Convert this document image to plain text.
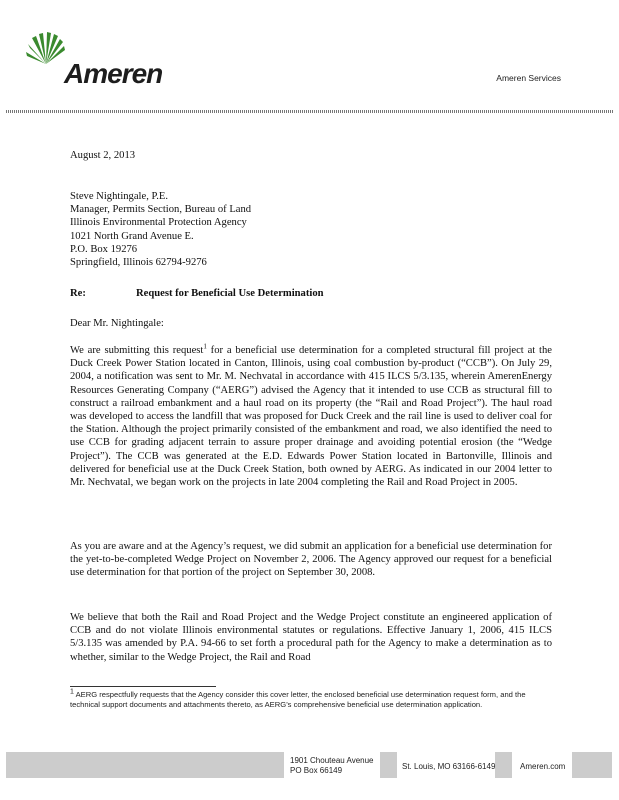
Ameren	Ameren Services
August 2, 2013
Steve Nightingale, P.E.
Manager, Permits Section, Bureau of Land
Illinois Environmental Protection Agency
1021 North Grand Avenue E.
P.O. Box 19276
Springfield, Illinois 62794-9276
Re:	Request for Beneficial Use Determination
Dear Mr. Nightingale:
We are submitting this request$^1$ for a beneficial use determination for a completed structural fill project at the Duck Creek Power Station located in Canton, Illinois, using coal combustion by-product (“CCB”). On July 29, 2004, a notification was sent to Mr. M. Nechvatal in accordance with 415 ILCS 5/3.135, wherein AmerenEnergy Resources Generating Company (“AERG”) advised the Agency that it intended to use CCB as structural fill to construct a railroad embankment and a haul road on its property (the “Rail and Road Project”). The haul road was developed to access the landfill that was proposed for Duck Creek and the rail line is used to deliver coal for the Station. Although the project primarily consisted of the embankment and road, we also identified the need to use CCB for grading adjacent terrain to assure proper drainage and avoiding potential erosion (the “Wedge Project”). The CCB was generated at the E.D. Edwards Power Station located in Bartonville, Illinois and delivered for beneficial use at the Duck Creek Station, both owned by AERG. As indicated in our 2004 letter to Mr. Nechvatal, we began work on the projects in late 2004 completing the Rail and Road Project in 2005.
As you are aware and at the Agency’s request, we did submit an application for a beneficial use determination for the yet-to-be-completed Wedge Project on November 2, 2006. The Agency approved our request for a beneficial use determination for that portion of the project on September 30, 2008.
We believe that both the Rail and Road Project and the Wedge Project constitute an engineered application of CCB and do not violate Illinois environmental statutes or regulations. Effective January 1, 2006, 415 ILCS 5/3.135 was amended by P.A. 94-66 to set forth a procedural path for the Agency to make a determination as to whether, similar to the Wedge Project, the Rail and Road
$^1$ AERG respectfully requests that the Agency consider this cover letter, the enclosed beneficial use determination request form, and the technical support documents and attachments thereto, as AERG’s comprehensive beneficial use determination application.
1901 Chouteau Avenue
PO Box 66149	St. Louis, MO 63166-6149	Ameren.com
